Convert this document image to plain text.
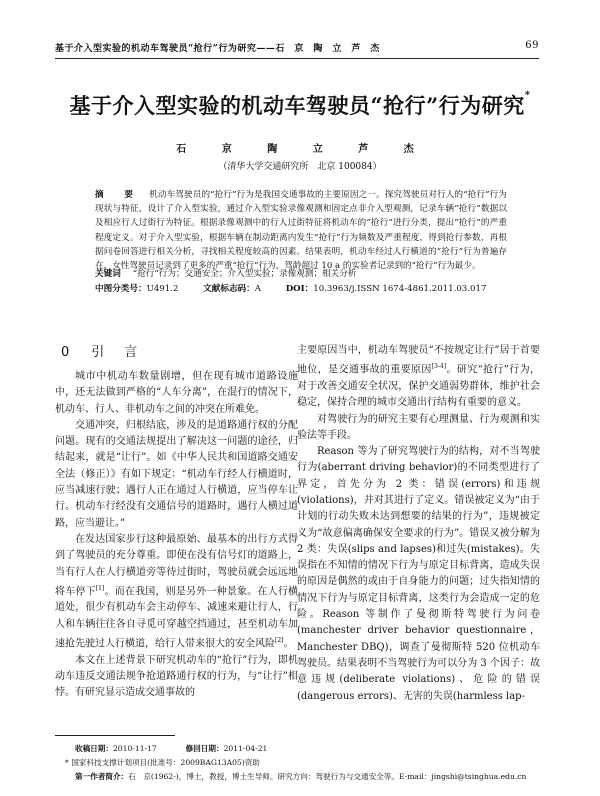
基于介入型实验的机动车驾驶员“抢行”行为研究——石　京　陶　立　芦　杰	69
基于介入型实验的机动车驾驶员“抢行”行为研究*
石 京 陶 立 芦 杰
（清华大学交通研究所　北京 100084）
摘　要 机动车驾驶员的“抢行”行为是我国交通事故的主要原因之一。探究驾驶员对行人的“抢行”行为现状与特征，设计了介入型实验，通过介入型实验录像观测和固定点非介入型观测，记录车辆“抢行”数据以及相应行人过街行为特征。根据录像观测中的行人过街特征将机动车的“抢行”进行分类，提出“抢行”的严重程度定义。对于介入型实验，根据车辆在制动距离内发生“抢行”行为频数及严重程度，得到抢行参数，再根据问卷回答进行相关分析，寻找相关程度较高的因素。结果表明，机动车经过人行横道的“抢行”行为普遍存在，女性驾驶员记录到了更多的严重“抢行”行为，驾龄超过 10 a 的实验者记录到的“抢行”行为最少。
关键词 “抢行”行为；交通安全；介入型实验；录像观测；相关分析
中图分类号：U491.2	文献标志码：A	DOI：10.3963/j.ISSN 1674-4861.2011.03.017
0 引言

城市中机动车数量剧增，但在现有城市道路设施中，还无法做到严格的“人车分离”，在混行的情况下，机动车、行人、非机动车之间的冲突在所难免。

交通冲突，归根结底，涉及的是道路通行权的分配问题。现有的交通法规提出了解决这一问题的途径，归结起来，就是“让行”。如《中华人民共和国道路交通安全法（修正）》有如下规定：“机动车行经人行横道时，应当减速行驶；遇行人正在通过人行横道，应当停车让行。机动车行经没有交通信号的道路时，遇行人横过道路，应当避让。”

在发达国家步行这种最原始、最基本的出行方式得到了驾驶员的充分尊重。即使在没有信号灯的道路上，当有行人在人行横道旁等待过街时，驾驶员就会远远地将车停下[1]。而在我国，则是另外一种景象。在人行横道处，很少有机动车会主动停车、减速来避让行人，行人和车辆往往各自寻觅可穿越空挡通过，甚至机动车加速抢先驶过人行横道，给行人带来很大的安全风险[2]。

本文在上述背景下研究机动车的“抢行”行为，即机动车违反交通法规争抢道路通行权的行为，与“让行”相悖。有研究显示造成交通事故的

主要原因当中，机动车驾驶员“不按规定让行”居于首要地位，是交通事故的重要原因[3-4]。研究“抢行”行为，对于改善交通安全状况，保护交通弱势群体，维护社会稳定，保持合理的城市交通出行结构有重要的意义。

对驾驶行为的研究主要有心理测量、行为观测和实验法等手段。

Reason 等为了研究驾驶行为的结构，对不当驾驶行为(aberrant driving behavior)的不同类型进行了界定，首先分为 2 类：错误(errors)和违规(violations)，并对其进行了定义。错误被定义为“由于计划的行动失败未达到想要的结果的行为”，违规被定义为“故意偏离确保安全要求的行为”。错误又被分解为 2 类：失误(slips and lapses)和过失(mistakes)。失误指在不知情的情况下行为与原定目标背离，造成失误的原因是偶然的或由于自身能力的问题；过失指知情的情况下行为与原定目标背离，这类行为会造成一定的危险。Reason 等制作了曼彻斯特驾驶行为问卷(manchester driver behavior questionnaire，Manchester DBQ)，调查了曼彻斯特 520 位机动车驾驶员。结果表明不当驾驶行为可以分为 3 个因子：故意违规(deliberate violations)、危险的错误(dangerous errors)、无害的失误(harmless lap-

收稿日期：2010-11-17	修回日期：2011-04-21
* 国家科技支撑计划项目(批准号：2009BAG13A05)资助
第一作者简介：石　京(1962-)，博士，教授，博士生导师。研究方向：驾驶行为与交通安全等。E-mail：jingshi@tsinghua.edu.cn
